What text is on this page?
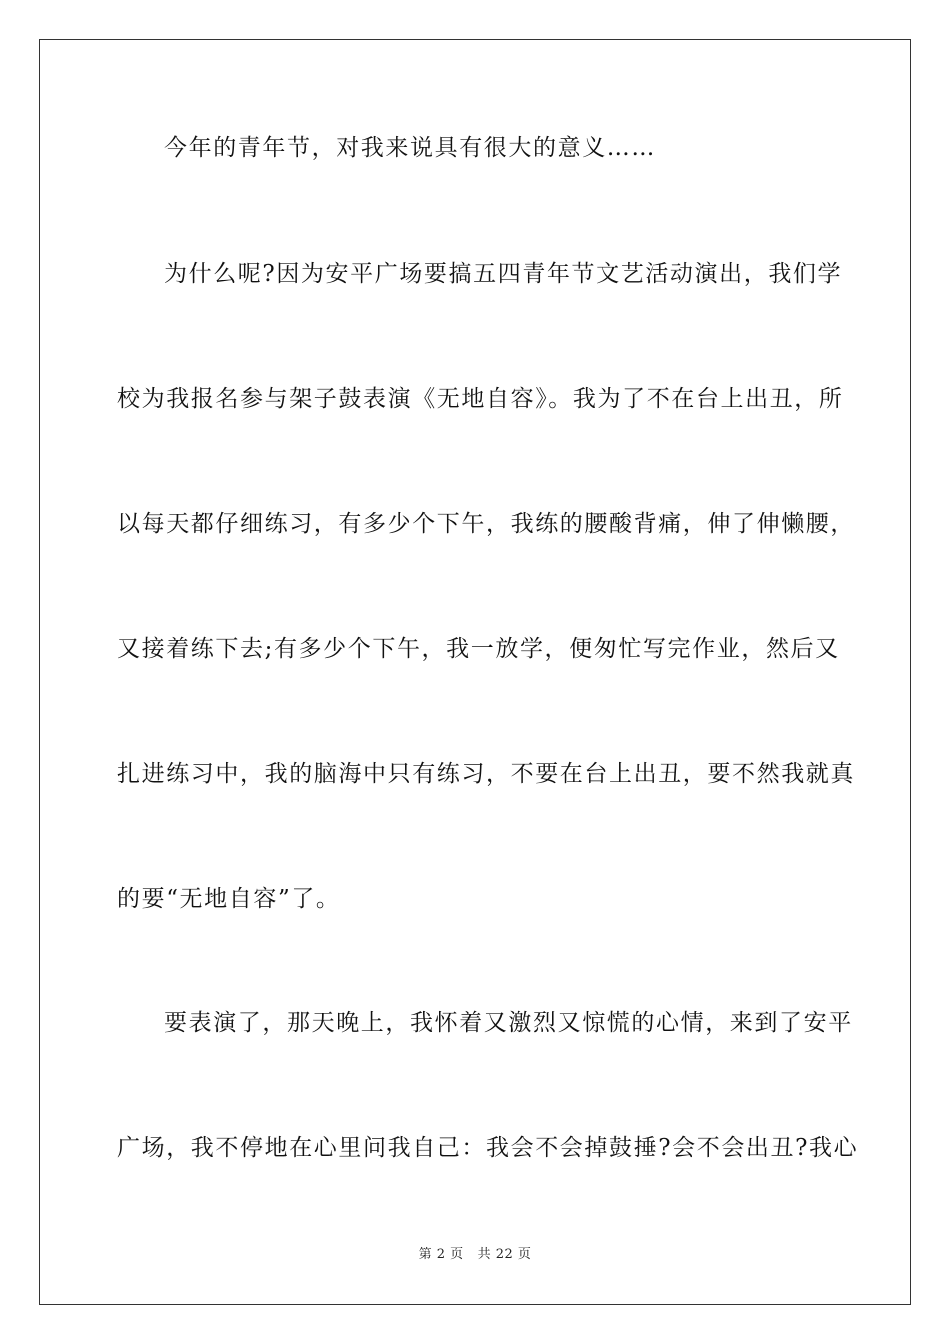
今年的青年节，对我来说具有很大的意义……
为什么呢?因为安平广场要搞五四青年节文艺活动演出，我们学
校为我报名参与架子鼓表演《无地自容》。我为了不在台上出丑，所
以每天都仔细练习，有多少个下午，我练的腰酸背痛，伸了伸懒腰，
又接着练下去;有多少个下午，我一放学，便匆忙写完作业，然后又
扎进练习中，我的脑海中只有练习，不要在台上出丑，要不然我就真
的要“无地自容”了。
要表演了，那天晚上，我怀着又激烈又惊慌的心情，来到了安平
广场，我不停地在心里问我自己：我会不会掉鼓捶?会不会出丑?我心
第 2 页 共 22 页
